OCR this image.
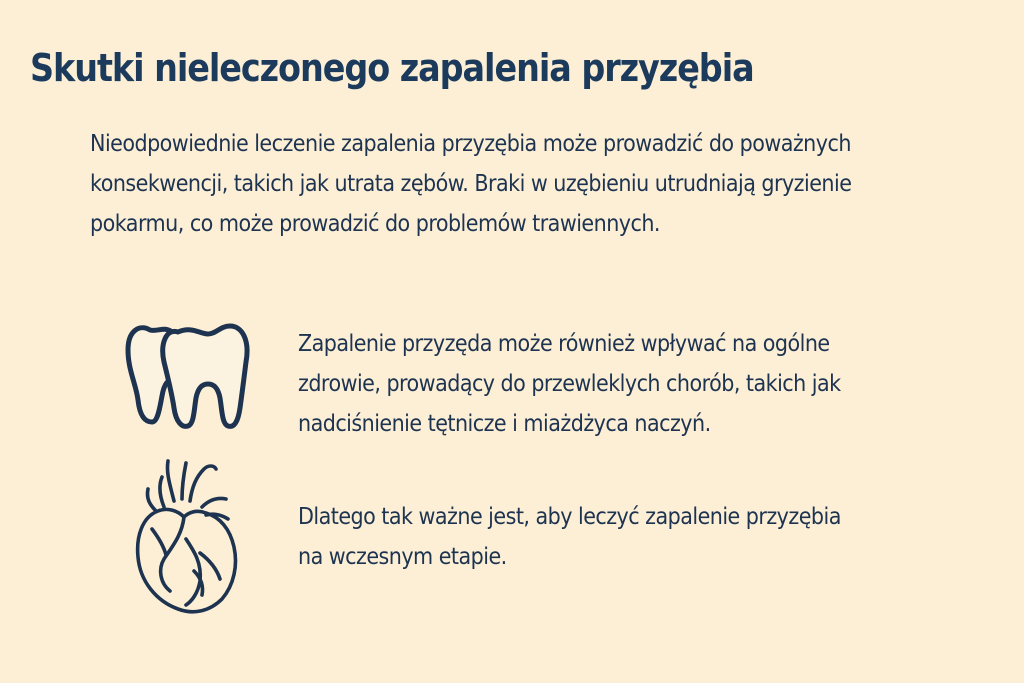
Skutki nieleczonego zapalenia przyzębia

Nieodpowiednie leczenie zapalenia przyzębia może prowadzić do poważnych konsekwencji, takich jak utrata zębów. Braki w uzębieniu utrudniają gryzienie pokarmu, co może prowadzić do problemów trawiennych.

Zapalenie przyzęda może również wpływać na ogólne zdrowie, prowadący do przewleklych chorób, takich jak nadciśnienie tętnicze i miażdżyca naczyń.

Dlatego tak ważne jest, aby leczyć zapalenie przyzębia na wczesnym etapie.
